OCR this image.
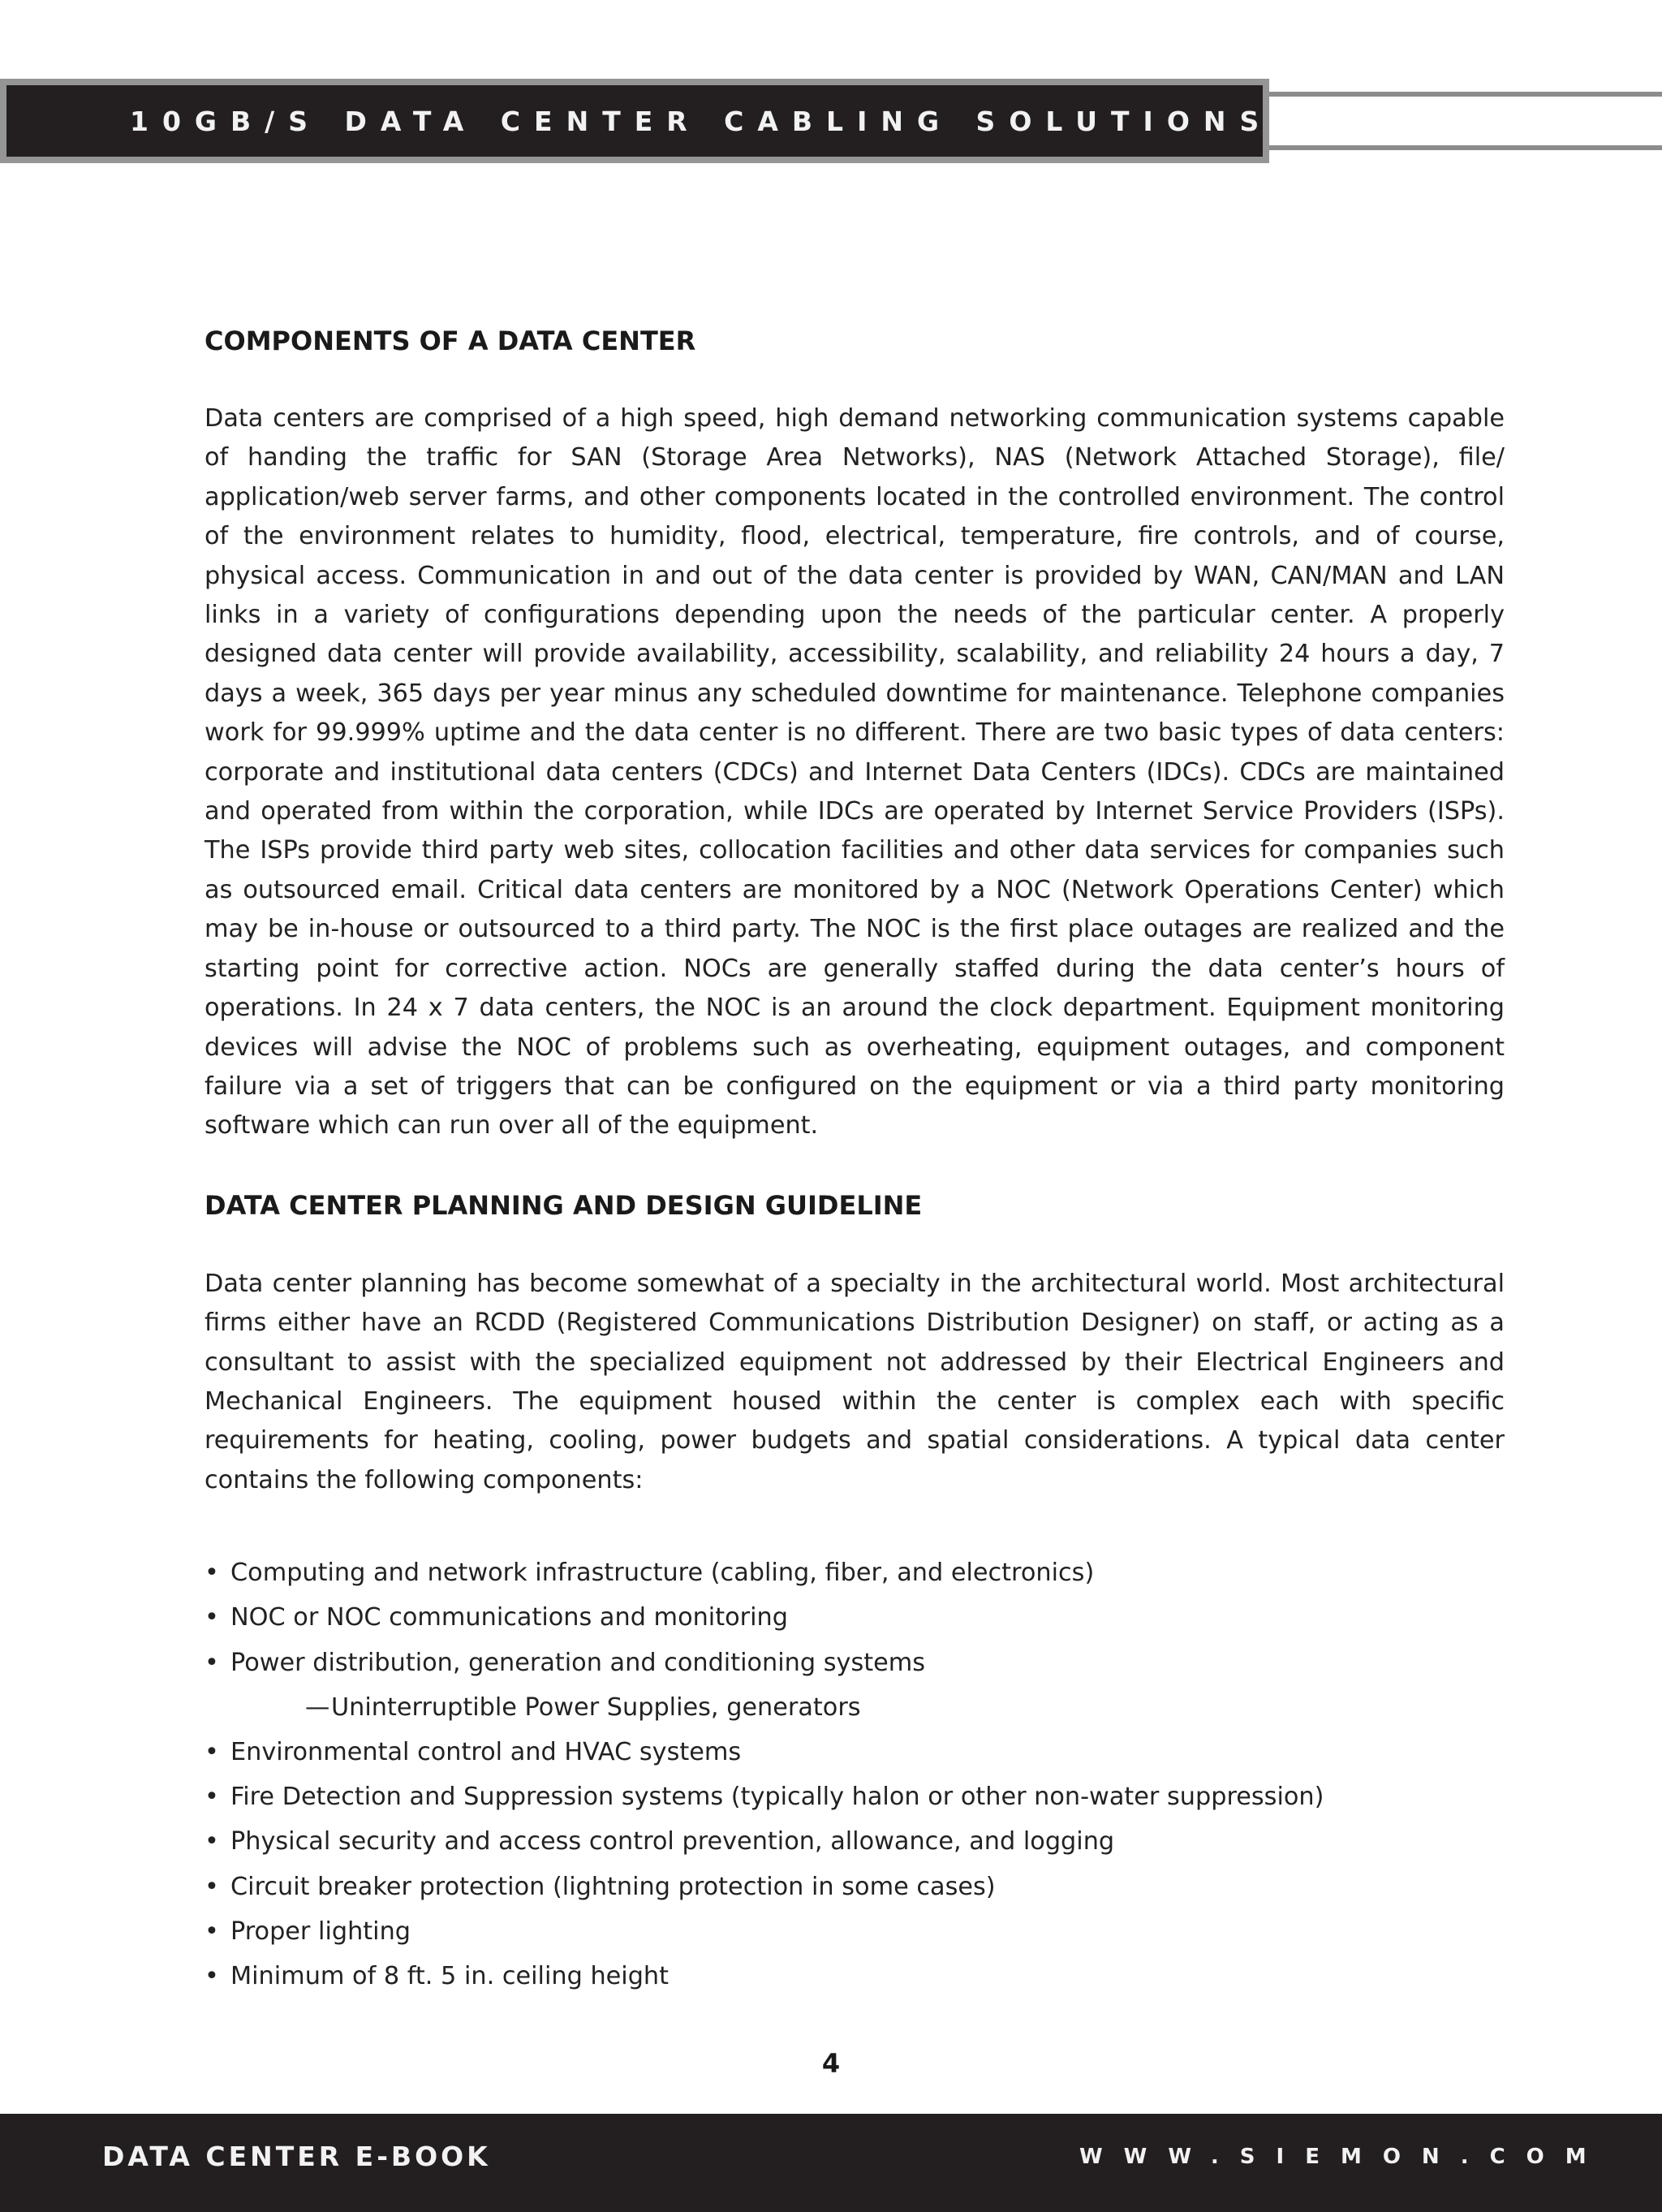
10GB/S DATA CENTER CABLING SOLUTIONS
COMPONENTS OF A DATA CENTER

Data centers are comprised of a high speed, high demand networking communication systems capable of handing the traffic for SAN (Storage Area Networks), NAS (Network Attached Storage), file/ application/web server farms, and other components located in the controlled environment. The control of the environment relates to humidity, flood, electrical, temperature, fire controls, and of course, physical access. Communication in and out of the data center is provided by WAN, CAN/MAN and LAN links in a variety of configurations depending upon the needs of the particular center. A properly designed data center will provide availability, accessibility, scalability, and reliability 24 hours a day, 7 days a week, 365 days per year minus any scheduled downtime for maintenance. Telephone companies work for 99.999% uptime and the data center is no different. There are two basic types of data centers: corporate and institutional data centers (CDCs) and Internet Data Centers (IDCs). CDCs are maintained and operated from within the corporation, while IDCs are operated by Internet Service Providers (ISPs). The ISPs provide third party web sites, collocation facilities and other data services for companies such as outsourced email. Critical data centers are monitored by a NOC (Network Operations Center) which may be in-house or outsourced to a third party. The NOC is the first place outages are realized and the starting point for corrective action. NOCs are generally staffed during the data center’s hours of operations. In 24 x 7 data centers, the NOC is an around the clock department. Equipment monitoring devices will advise the NOC of problems such as overheating, equipment outages, and component failure via a set of triggers that can be configured on the equipment or via a third party monitoring software which can run over all of the equipment.

DATA CENTER PLANNING AND DESIGN GUIDELINE

Data center planning has become somewhat of a specialty in the architectural world. Most architectural firms either have an RCDD (Registered Communications Distribution Designer) on staff, or acting as a consultant to assist with the specialized equipment not addressed by their Electrical Engineers and Mechanical Engineers. The equipment housed within the center is complex each with specific requirements for heating, cooling, power budgets and spatial considerations. A typical data center contains the following components:

• Computing and network infrastructure (cabling, fiber, and electronics)
• NOC or NOC communications and monitoring
• Power distribution, generation and conditioning systems
—Uninterruptible Power Supplies, generators
• Environmental control and HVAC systems
• Fire Detection and Suppression systems (typically halon or other non-water suppression)
• Physical security and access control prevention, allowance, and logging
• Circuit breaker protection (lightning protection in some cases)
• Proper lighting
• Minimum of 8 ft. 5 in. ceiling height
4
DATA CENTER E-BOOK	WWW.SIEMON.COM
